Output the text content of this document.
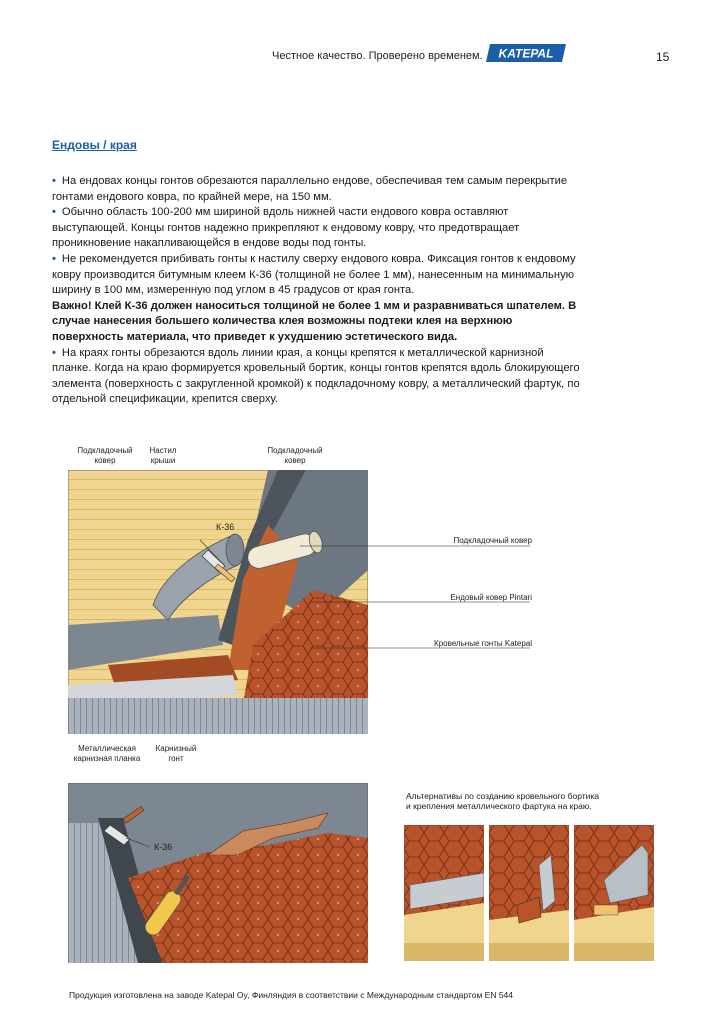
Честное качество. Проверено временем. KATEPAL	15
Ендовы / края

• На ендовах концы гонтов обрезаются параллельно ендове, обеспечивая тем самым перекрытие гонтами ендового ковра, по крайней мере, на 150 мм.

• Обычно область 100-200 мм шириной вдоль нижней части ендового ковра оставляют выступающей. Концы гонтов надежно прикрепляют к ендовому ковру, что предотвращает проникновение накапливающейся в ендове воды под гонты.

• Не рекомендуется прибивать гонты к настилу сверху ендового ковра. Фиксация гонтов к ендовому ковру производится битумным клеем К-36 (толщиной не более 1 мм), нанесенным на минимальную ширину в 100 мм, измеренную под углом в 45 градусов от края гонта.

Важно! Клей К-36 должен наноситься толщиной не более 1 мм и разравниваться шпателем. В случае нанесения большего количества клея возможны подтеки клея на верхнюю поверхность материала, что приведет к ухудшению эстетического вида.

• На краях гонты обрезаются вдоль линии края, а концы крепятся к металлической карнизной планке. Когда на краю формируется кровельный бортик, концы гонтов крепятся вдоль блокирующего элемента (поверхность с закругленной кромкой) к подкладочному ковру, а металлический фартук, по отдельной спецификации, крепится сверху.

Подкладочный
ковер
Настил
крыши
Подкладочный
ковер
К-36
Подкладочный ковер
Ендовый ковер Pintari
Кровельные гонты Katepal
Металлическая
карнизная планка
Карнизный
гонт
К-36
Альтернативы по созданию кровельного бортика
и крепления металлического фартука на краю.
Продукция изготовлена на заводе Katepal Oy, Финляндия в соответствии с Международным стандартом EN 544
